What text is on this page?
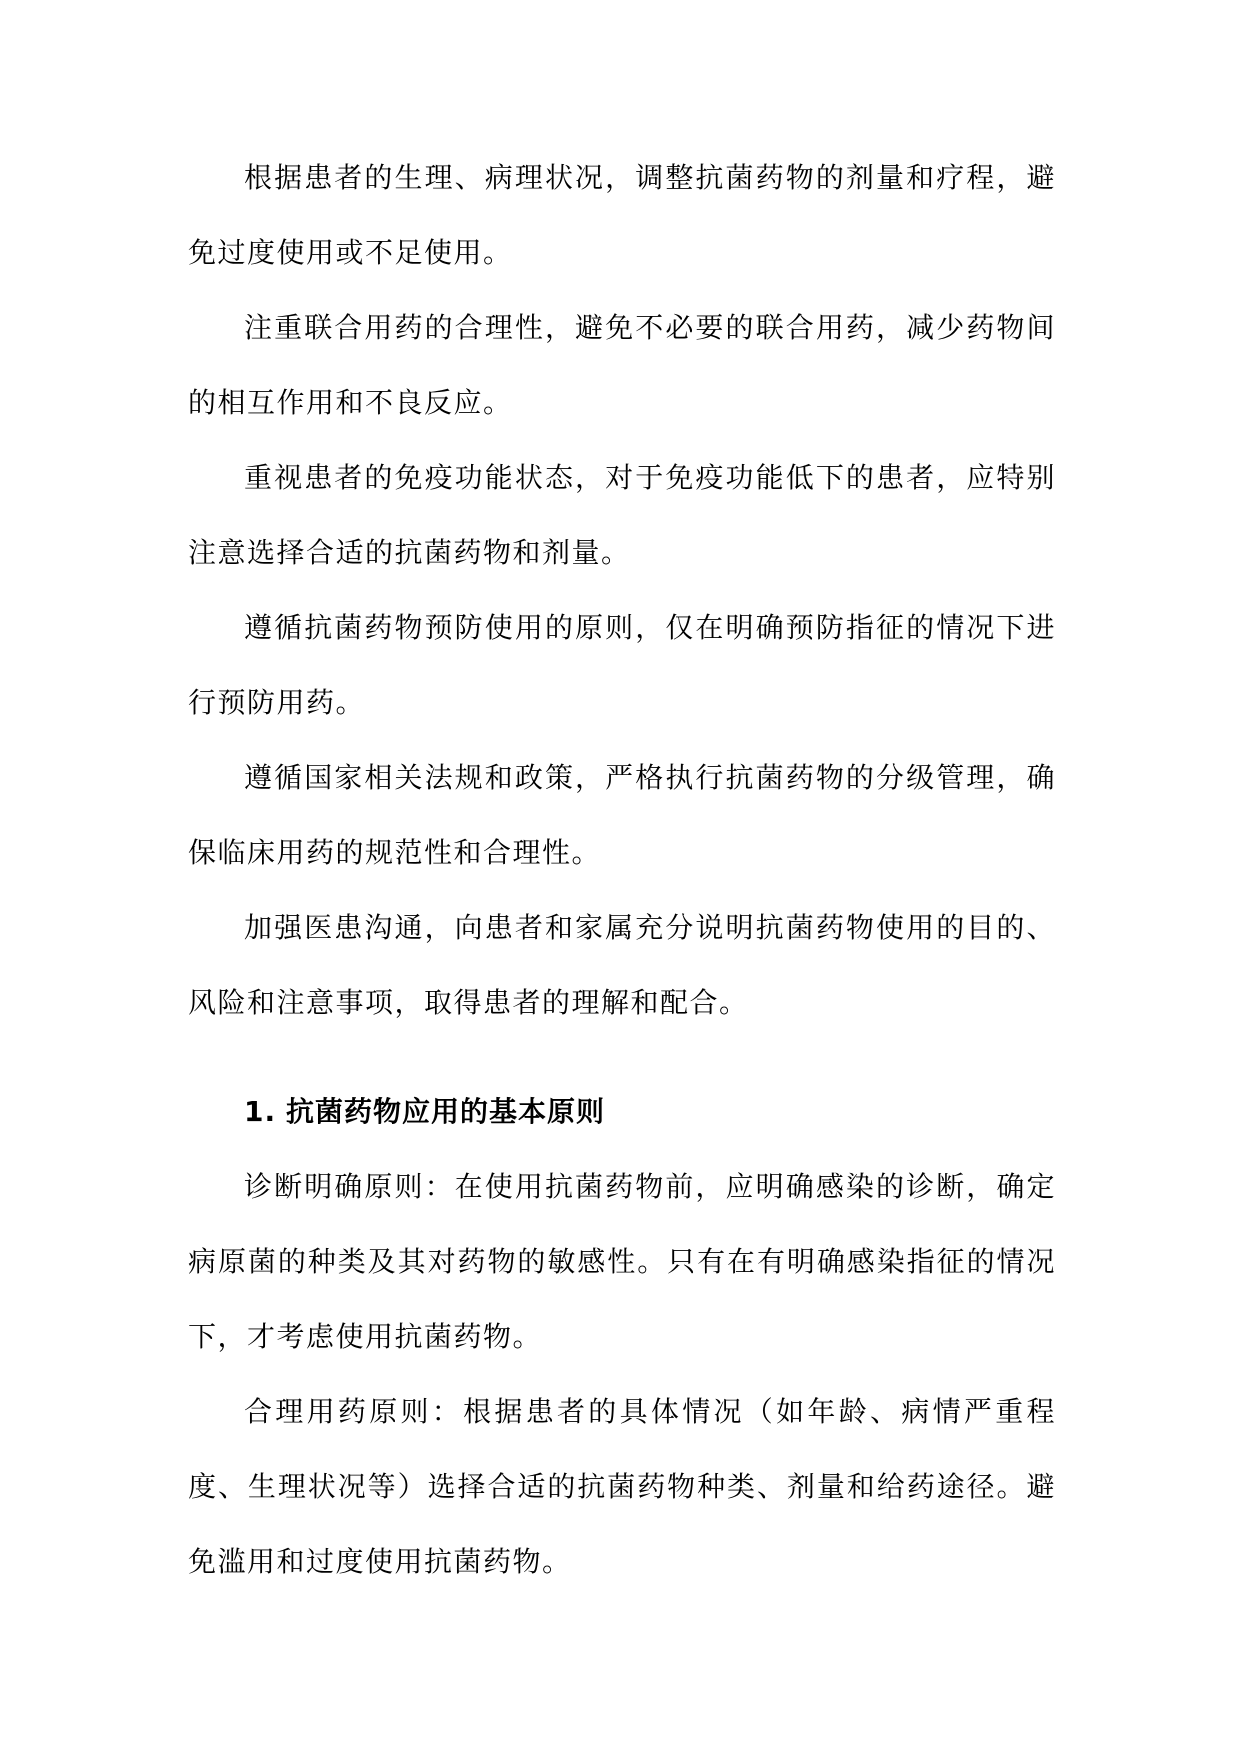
根据患者的生理、病理状况，调整抗菌药物的剂量和疗程，避免过度使用或不足使用。

注重联合用药的合理性，避免不必要的联合用药，减少药物间的相互作用和不良反应。

重视患者的免疫功能状态，对于免疫功能低下的患者，应特别注意选择合适的抗菌药物和剂量。

遵循抗菌药物预防使用的原则，仅在明确预防指征的情况下进行预防用药。

遵循国家相关法规和政策，严格执行抗菌药物的分级管理，确保临床用药的规范性和合理性。

加强医患沟通，向患者和家属充分说明抗菌药物使用的目的、风险和注意事项，取得患者的理解和配合。

1. 抗菌药物应用的基本原则

诊断明确原则：在使用抗菌药物前，应明确感染的诊断，确定病原菌的种类及其对药物的敏感性。只有在有明确感染指征的情况下，才考虑使用抗菌药物。

合理用药原则：根据患者的具体情况（如年龄、病情严重程度、生理状况等）选择合适的抗菌药物种类、剂量和给药途径。避免滥用和过度使用抗菌药物。
